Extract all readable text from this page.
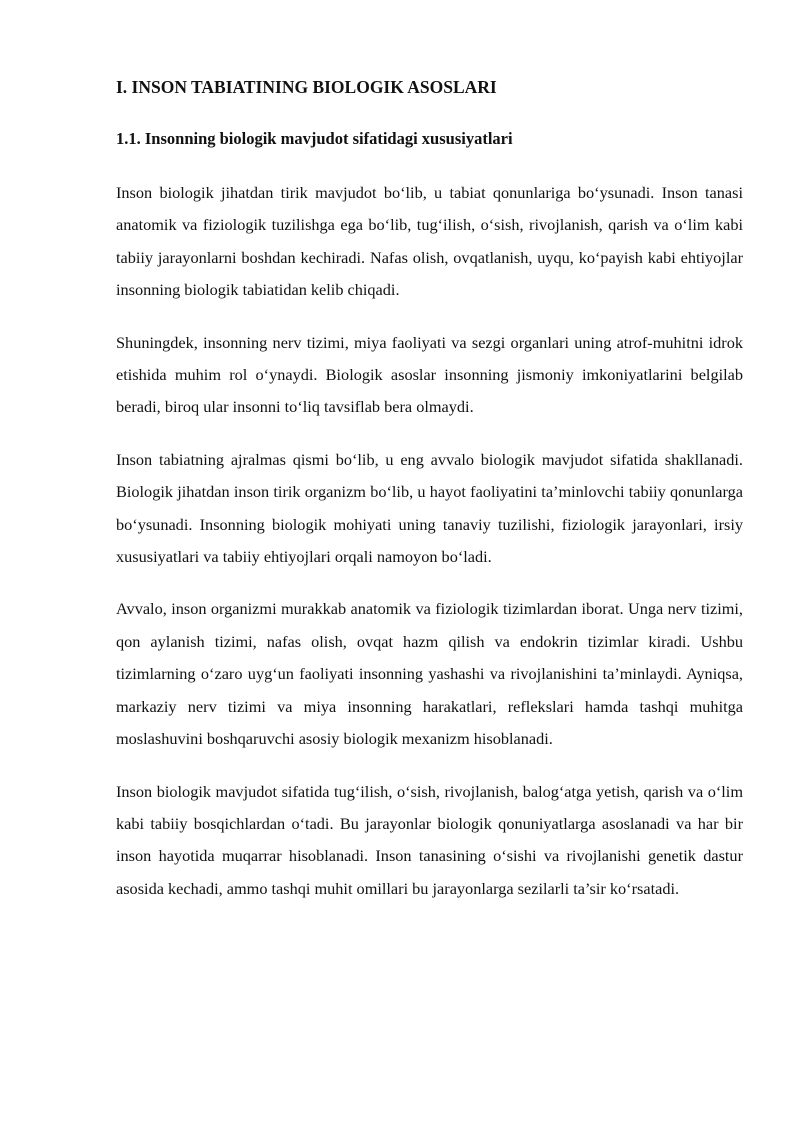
I. INSON TABIATINING BIOLOGIK ASOSLARI
1.1. Insonning biologik mavjudot sifatidagi xususiyatlari

Inson biologik jihatdan tirik mavjudot bo‘lib, u tabiat qonunlariga bo‘ysunadi. Inson tanasi anatomik va fiziologik tuzilishga ega bo‘lib, tug‘ilish, o‘sish, rivojlanish, qarish va o‘lim kabi tabiiy jarayonlarni boshdan kechiradi. Nafas olish, ovqatlanish, uyqu, ko‘payish kabi ehtiyojlar insonning biologik tabiatidan kelib chiqadi.

Shuningdek, insonning nerv tizimi, miya faoliyati va sezgi organlari uning atrof-muhitni idrok etishida muhim rol o‘ynaydi. Biologik asoslar insonning jismoniy imkoniyatlarini belgilab beradi, biroq ular insonni to‘liq tavsiflab bera olmaydi.

Inson tabiatning ajralmas qismi bo‘lib, u eng avvalo biologik mavjudot sifatida shakllanadi. Biologik jihatdan inson tirik organizm bo‘lib, u hayot faoliyatini ta’minlovchi tabiiy qonunlarga bo‘ysunadi. Insonning biologik mohiyati uning tanaviy tuzilishi, fiziologik jarayonlari, irsiy xususiyatlari va tabiiy ehtiyojlari orqali namoyon bo‘ladi.

Avvalo, inson organizmi murakkab anatomik va fiziologik tizimlardan iborat. Unga nerv tizimi, qon aylanish tizimi, nafas olish, ovqat hazm qilish va endokrin tizimlar kiradi. Ushbu tizimlarning o‘zaro uyg‘un faoliyati insonning yashashi va rivojlanishini ta’minlaydi. Ayniqsa, markaziy nerv tizimi va miya insonning harakatlari, reflekslari hamda tashqi muhitga moslashuvini boshqaruvchi asosiy biologik mexanizm hisoblanadi.

Inson biologik mavjudot sifatida tug‘ilish, o‘sish, rivojlanish, balog‘atga yetish, qarish va o‘lim kabi tabiiy bosqichlardan o‘tadi. Bu jarayonlar biologik qonuniyatlarga asoslanadi va har bir inson hayotida muqarrar hisoblanadi. Inson tanasining o‘sishi va rivojlanishi genetik dastur asosida kechadi, ammo tashqi muhit omillari bu jarayonlarga sezilarli ta’sir ko‘rsatadi.
